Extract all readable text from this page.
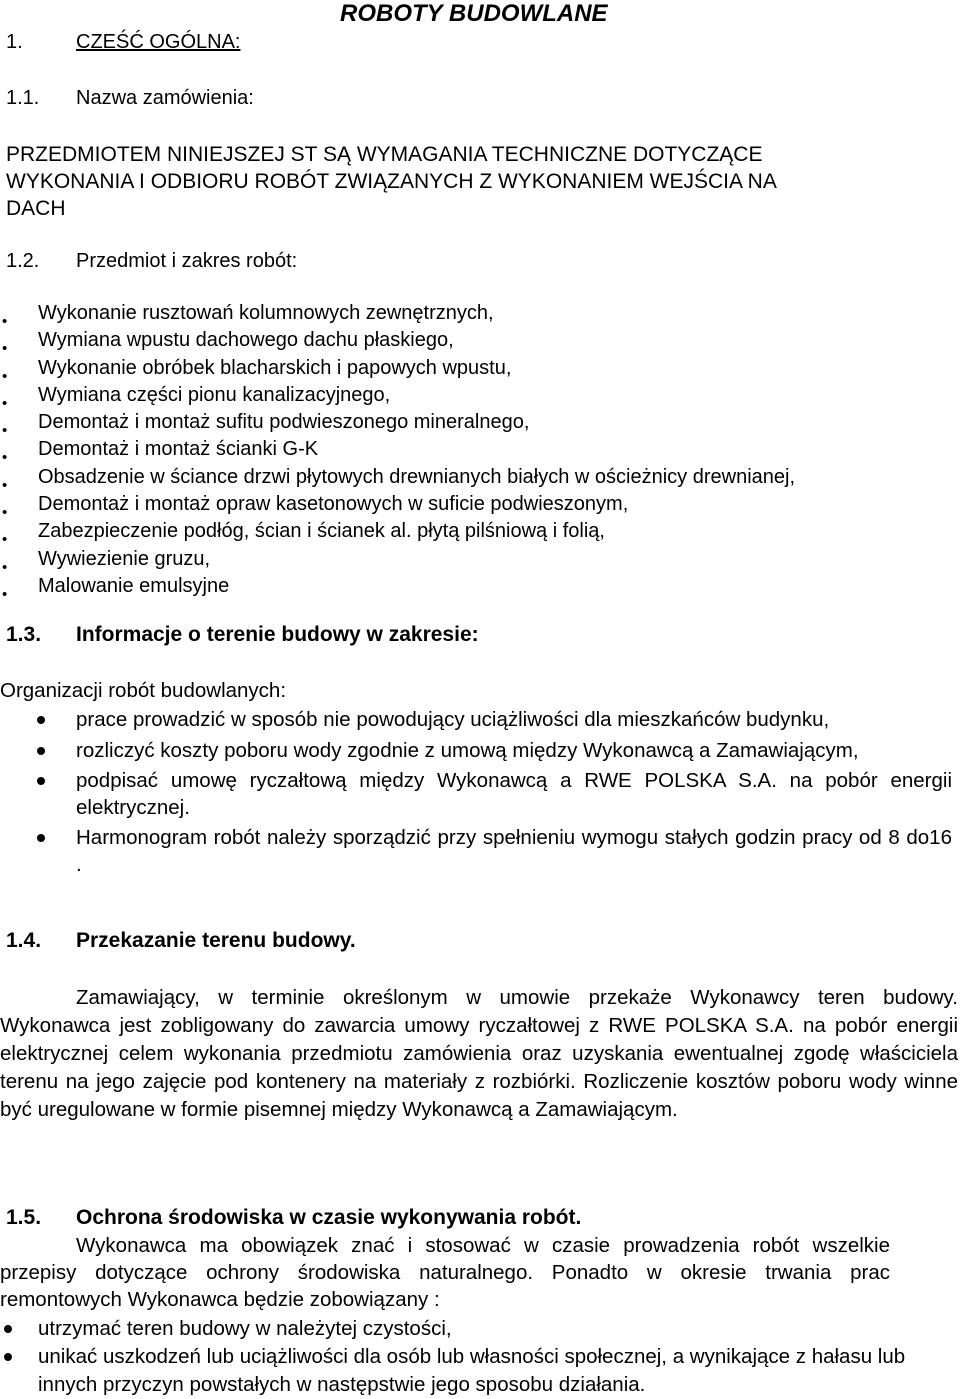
ROBOTY BUDOWLANE
1.	CZEŚĆ OGÓLNA:
1.1. Nazwa zamówienia:
PRZEDMIOTEM NINIEJSZEJ ST SĄ WYMAGANIA TECHNICZNE DOTYCZĄCE
WYKONANIA I ODBIORU ROBÓT ZWIĄZANYCH Z WYKONANIEM WEJŚCIA NA
DACH
1.2. Przedmiot i zakres robót:
• Wykonanie rusztowań kolumnowych zewnętrznych,
• Wymiana wpustu dachowego dachu płaskiego,
• Wykonanie obróbek blacharskich i papowych wpustu,
• Wymiana części pionu kanalizacyjnego,
• Demontaż i montaż sufitu podwieszonego mineralnego,
• Demontaż i montaż ścianki G-K
• Obsadzenie w ściance drzwi płytowych drewnianych białych w ościeżnicy drewnianej,
• Demontaż i montaż opraw kasetonowych w suficie podwieszonym,
• Zabezpieczenie podłóg, ścian i ścianek al. płytą pilśniową i folią,
• Wywiezienie gruzu,
• Malowanie emulsyjne
1.3. Informacje o terenie budowy w zakresie:
Organizacji robót budowlanych:
prace prowadzić w sposób nie powodujący uciążliwości dla mieszkańców budynku,
rozliczyć koszty poboru wody zgodnie z umową między Wykonawcą a Zamawiającym,
podpisać umowę ryczałtową między Wykonawcą a RWE POLSKA S.A. na pobór energii elektrycznej.
Harmonogram robót należy sporządzić przy spełnieniu wymogu stałych godzin pracy od 8 do16 .
1.4. Przekazanie terenu budowy.

Zamawiający, w terminie określonym w umowie przekaże Wykonawcy teren budowy. Wykonawca jest zobligowany do zawarcia umowy ryczałtowej z RWE POLSKA S.A. na pobór energii elektrycznej celem wykonania przedmiotu zamówienia oraz uzyskania ewentualnej zgodę właściciela terenu na jego zajęcie pod kontenery na materiały z rozbiórki. Rozliczenie kosztów poboru wody winne być uregulowane w formie pisemnej między Wykonawcą a Zamawiającym.

1.5. Ochrona środowiska w czasie wykonywania robót.

Wykonawca ma obowiązek znać i stosować w czasie prowadzenia robót wszelkie przepisy dotyczące ochrony środowiska naturalnego. Ponadto w okresie trwania prac remontowych Wykonawca będzie zobowiązany :

utrzymać teren budowy w należytej czystości,
unikać uszkodzeń lub uciążliwości dla osób lub własności społecznej, a wynikające z hałasu lub innych przyczyn powstałych w następstwie jego sposobu działania.
